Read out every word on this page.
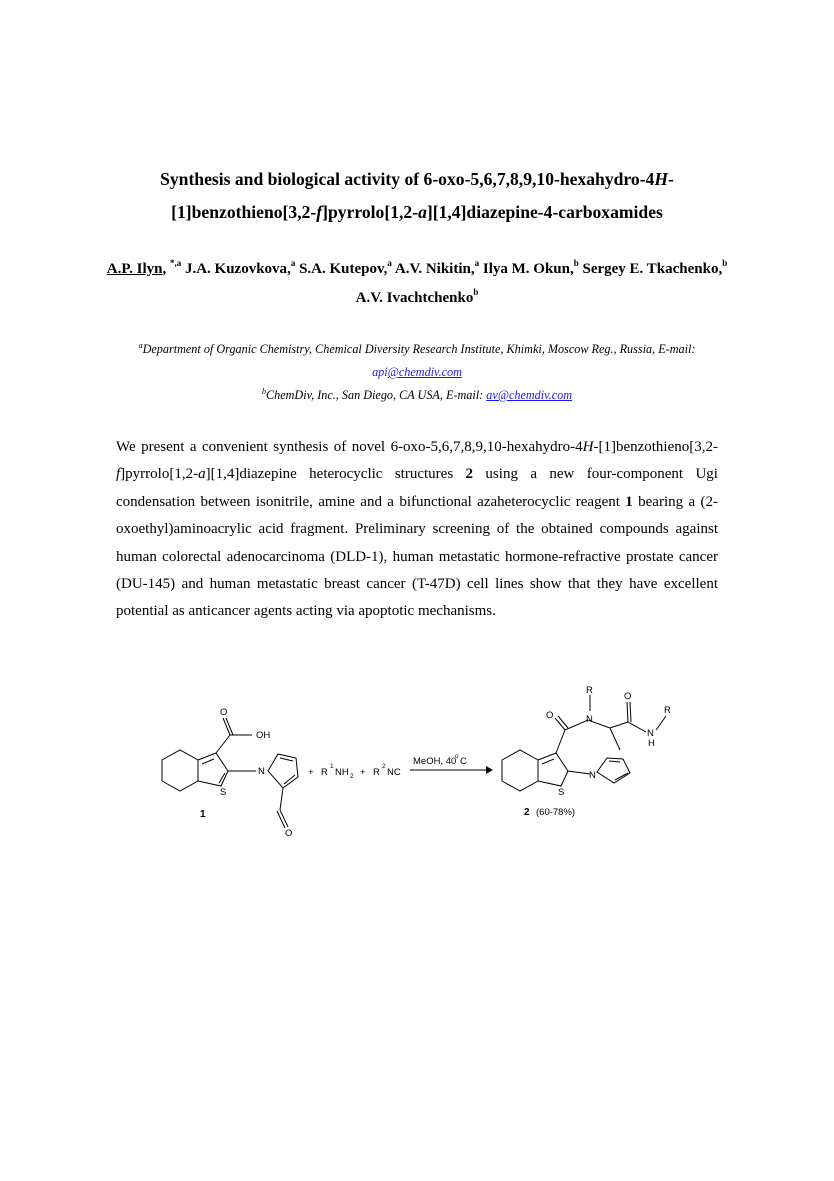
Synthesis and biological activity of 6-oxo-5,6,7,8,9,10-hexahydro-4H-
[1]benzothieno[3,2-f]pyrrolo[1,2-a][1,4]diazepine-4-carboxamides
A.P. Ilyn, $^{*,a}$ J.A. Kuzovkova,$^a$ S.A. Kutepov,$^a$ A.V. Nikitin,$^a$ Ilya M. Okun,$^b$ Sergey E. Tkachenko,$^b$ A.V. Ivachtchenko$^b$
$^a$Department of Organic Chemistry, Chemical Diversity Research Institute, Khimki, Moscow Reg., Russia, E-mail: api@chemdiv.com
$^b$ChemDiv, Inc., San Diego, CA USA, E-mail: av@chemdiv.com
We present a convenient synthesis of novel 6-oxo-5,6,7,8,9,10-hexahydro-4H-[1]benzothieno[3,2-f]pyrrolo[1,2-a][1,4]diazepine heterocyclic structures 2 using a new four-component Ugi condensation between isonitrile, amine and a bifunctional azaheterocyclic reagent 1 bearing a (2-oxoethyl)aminoacrylic acid fragment. Preliminary screening of the obtained compounds against human colorectal adenocarcinoma (DLD-1), human metastatic hormone-refractive prostate cancer (DU-145) and human metastatic breast cancer (T-47D) cell lines show that they have excellent potential as anticancer agents acting via apoptotic mechanisms.
O
OH
N
S
O
1
+ R
1
NH 2 + R
2
NC
MeOH, 40
o C
R
O
O	N
N
H
R
S
N
2 (60-78%)
